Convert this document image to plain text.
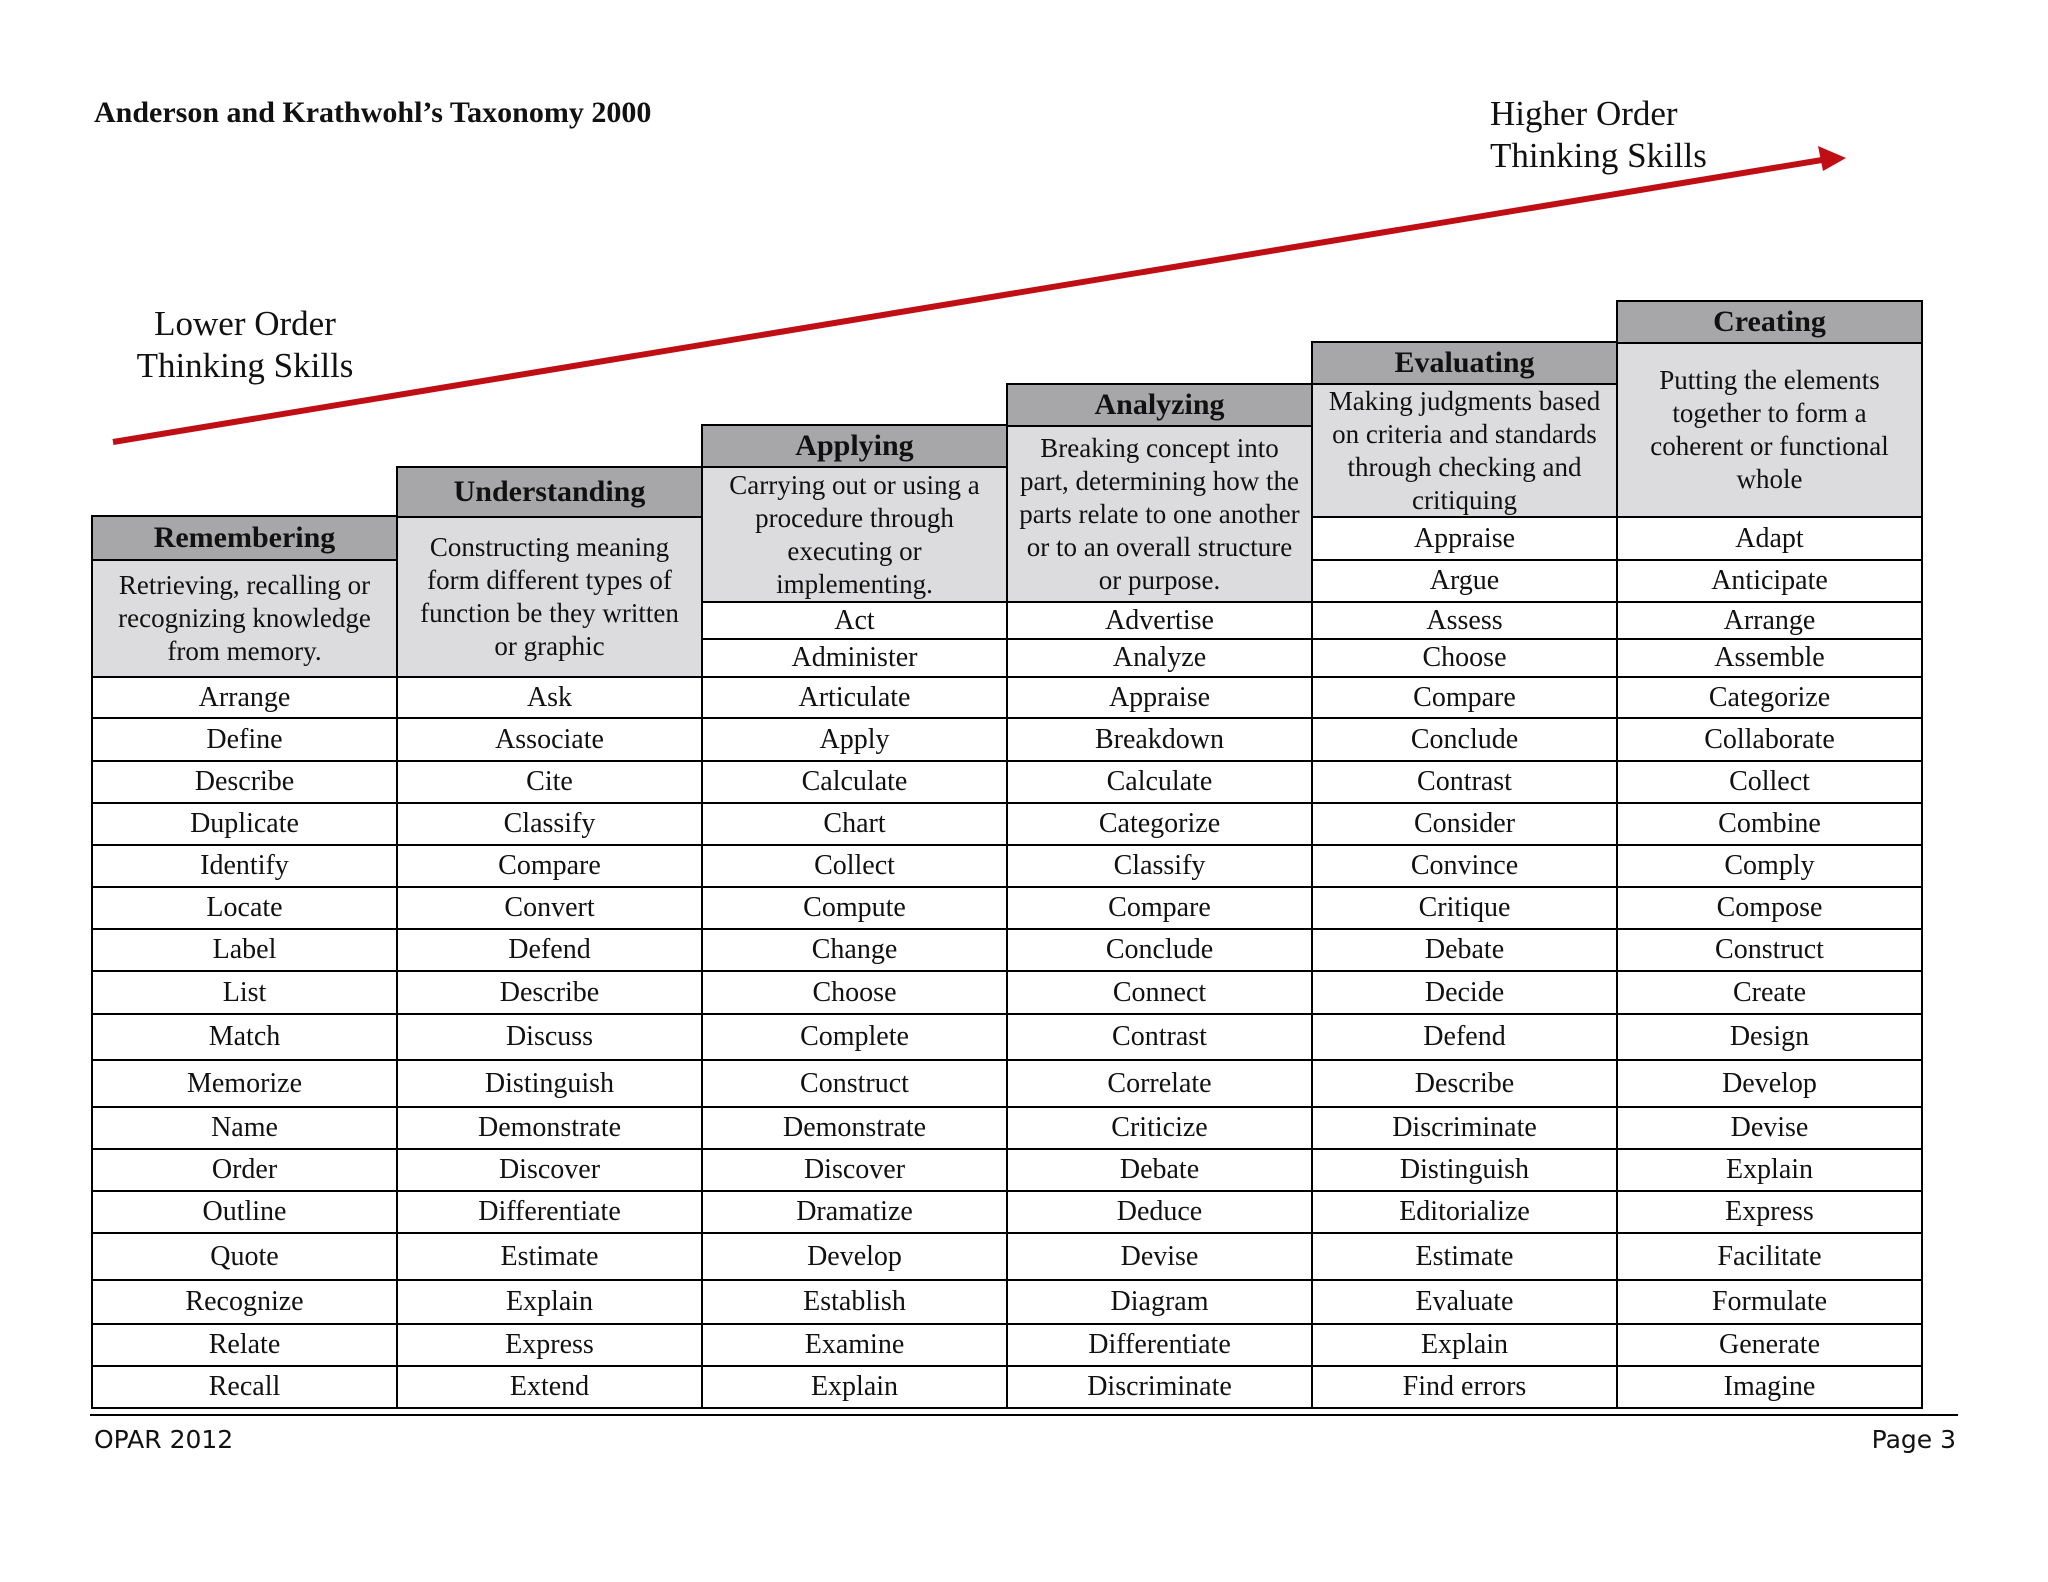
Anderson and Krathwohl’s Taxonomy 2000	Higher Order
Thinking Skills
Lower Order
Thinking Skills
Remembering
Retrieving, recalling or recognizing knowledge from memory.
Arrange
Define
Describe
Duplicate
Identify
Locate
Label
List
Match
Memorize
Name
Order
Outline
Quote
Recognize
Relate
Recall
Understanding
Constructing meaning form different types of function be they written or graphic
Ask
Associate
Cite
Classify
Compare
Convert
Defend
Describe
Discuss
Distinguish
Demonstrate
Discover
Differentiate
Estimate
Explain
Express
Extend
Applying
Carrying out or using a procedure through executing or implementing.
Act
Administer
Articulate
Apply
Calculate
Chart
Collect
Compute
Change
Choose
Complete
Construct
Demonstrate
Discover
Dramatize
Develop
Establish
Examine
Explain
Analyzing
Breaking concept into part, determining how the parts relate to one another or to an overall structure or purpose.
Advertise
Analyze
Appraise
Breakdown
Calculate
Categorize
Classify
Compare
Conclude
Connect
Contrast
Correlate
Criticize
Debate
Deduce
Devise
Diagram
Differentiate
Discriminate
Evaluating
Making judgments based on criteria and standards through checking and critiquing
Appraise
Argue
Assess
Choose
Compare
Conclude
Contrast
Consider
Convince
Critique
Debate
Decide
Defend
Describe
Discriminate
Distinguish
Editorialize
Estimate
Evaluate
Explain
Find errors
Creating
Putting the elements together to form a coherent or functional whole
Adapt
Anticipate
Arrange
Assemble
Categorize
Collaborate
Collect
Combine
Comply
Compose
Construct
Create
Design
Develop
Devise
Explain
Express
Facilitate
Formulate
Generate
Imagine
OPAR 2012	Page 3
